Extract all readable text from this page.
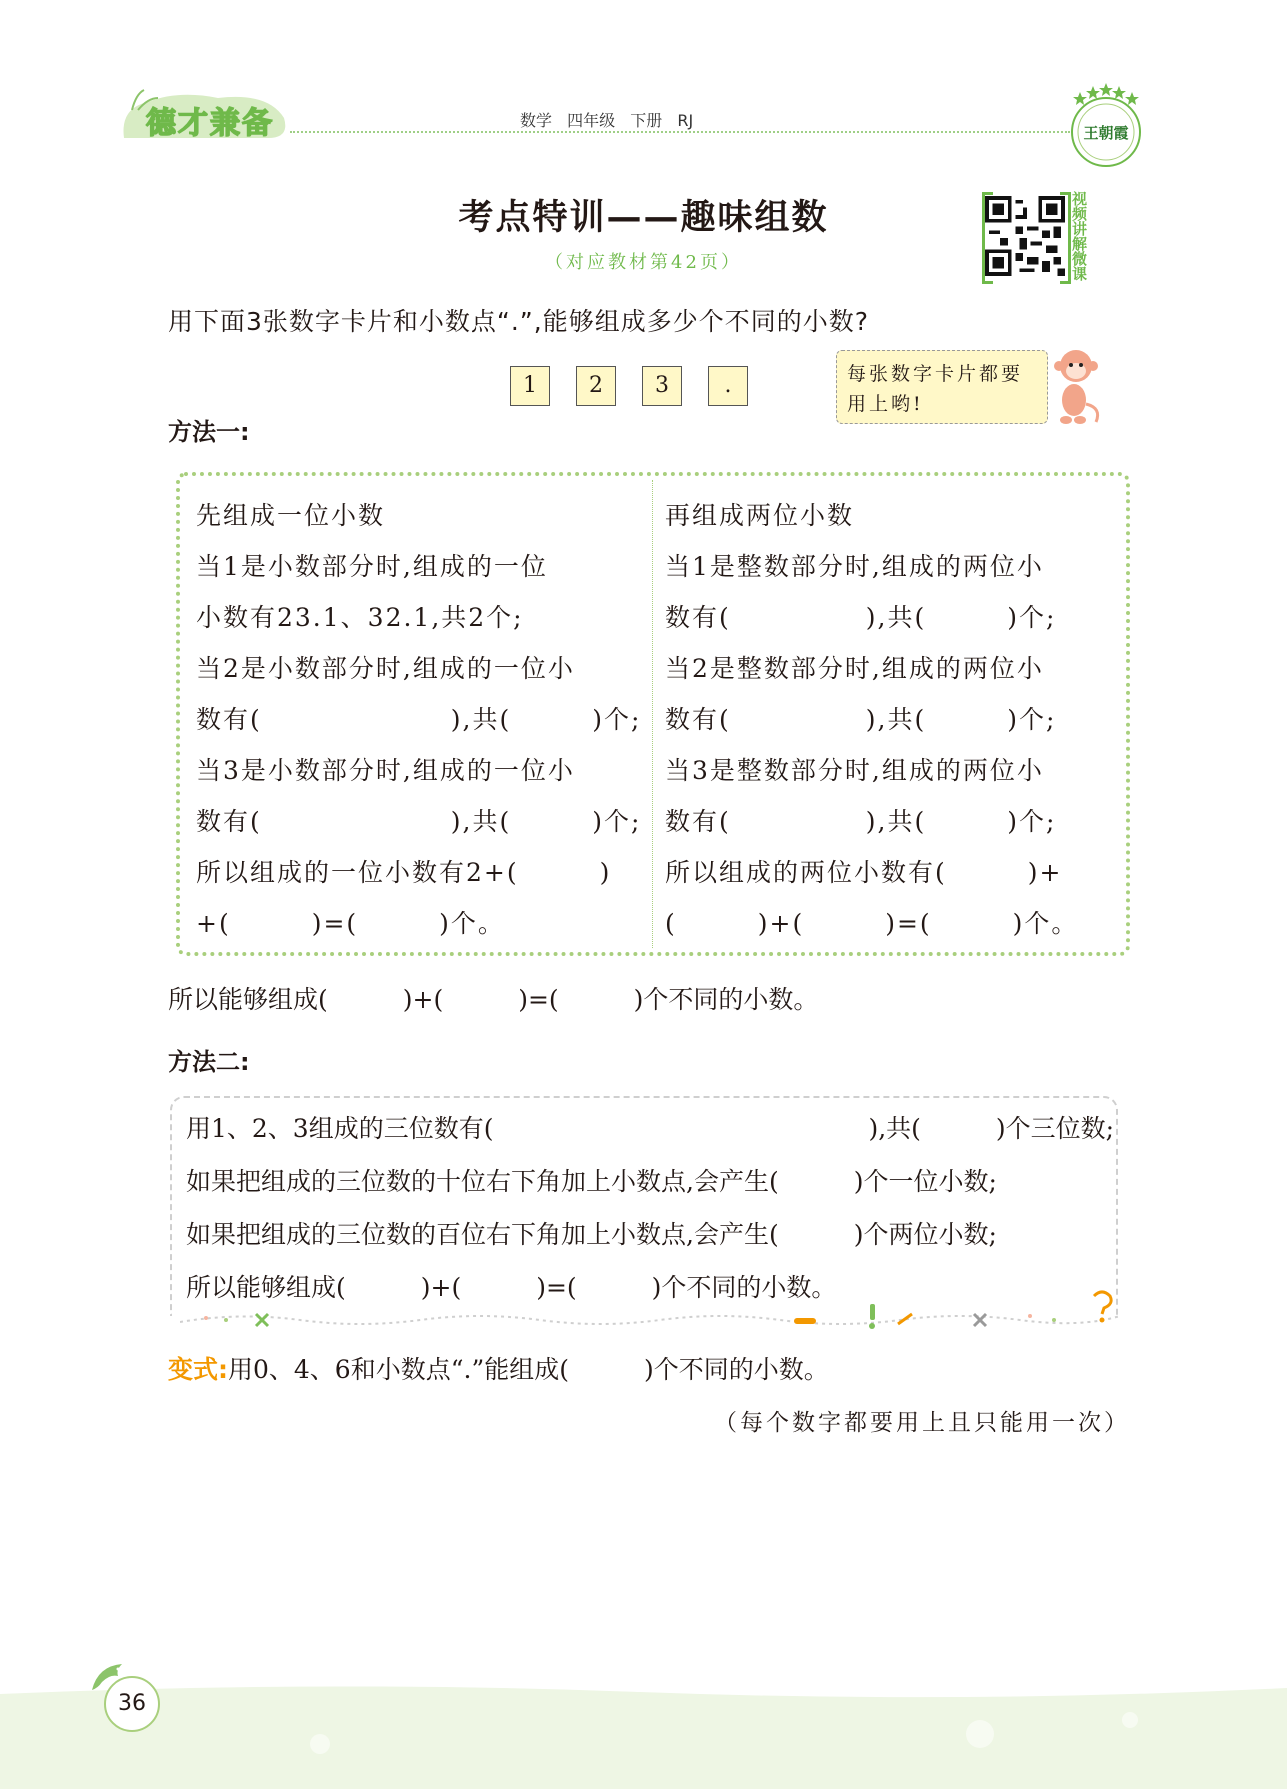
德才兼备	数学 四年级 下册 RJ
王朝霞
考点特训——趣味组数
（对应教材第42页）
视频讲解微课
用下面3张数字卡片和小数点“.”,能够组成多少个不同的小数?
1	2	3	.	每张数字卡片都要用上哟!
方法一:
先组成一位小数
当1是小数部分时,组成的一位
小数有23.1、32.1,共2个;
当2是小数部分时,组成的一位小
数有(　　　　　　　),共(　　　)个;
当3是小数部分时,组成的一位小
数有(　　　　　　　),共(　　　)个;
所以组成的一位小数有2+(　　　)
+(　　　)=(　　　)个。
再组成两位小数
当1是整数部分时,组成的两位小
数有(　　　　　),共(　　　)个;
当2是整数部分时,组成的两位小
数有(　　　　　),共(　　　)个;
当3是整数部分时,组成的两位小
数有(　　　　　),共(　　　)个;
所以组成的两位小数有(　　　)+
(　　　)+(　　　)=(　　　)个。
所以能够组成(　　　)+(　　　)=(　　　)个不同的小数。
方法二:
用1、2、3组成的三位数有(　　　　　　　　　　　　　　　),共(　　　)个三位数;
如果把组成的三位数的十位右下角加上小数点,会产生(　　　)个一位小数;
如果把组成的三位数的百位右下角加上小数点,会产生(　　　)个两位小数;
所以能够组成(　　　)+(　　　)=(　　　)个不同的小数。
变式:用0、4、6和小数点“.”能组成(　　　)个不同的小数。
（每个数字都要用上且只能用一次）
36
